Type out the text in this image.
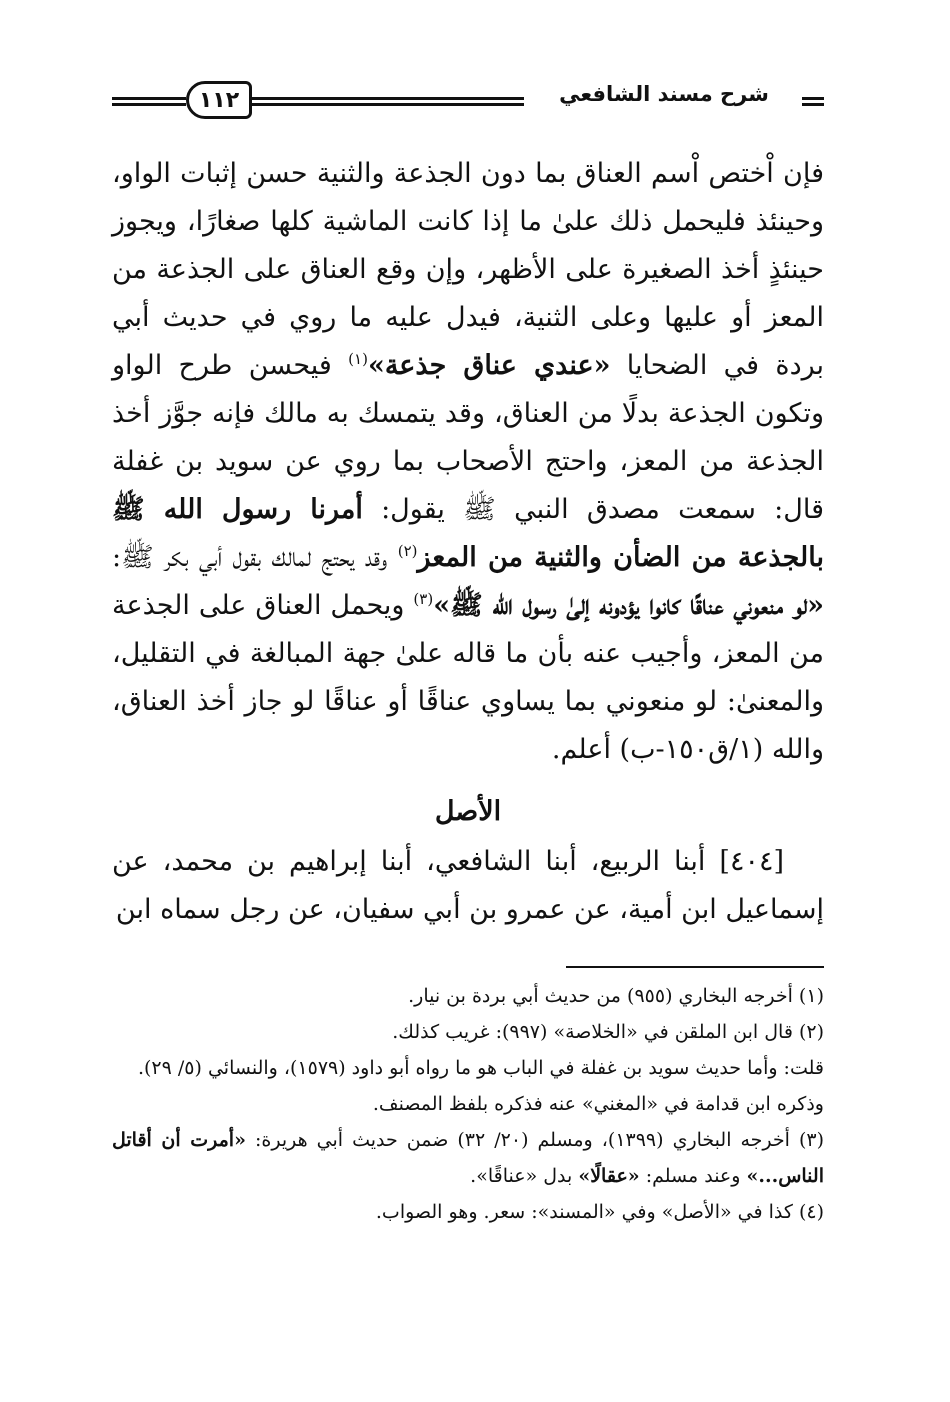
شرح مسند الشافعي
١١٢

فإن اْختص اْسم العناق بما دون الجذعة والثنية حسن إثبات الواو، وحينئذ فليحمل ذلك علىٰ ما إذا كانت الماشية كلها صغارًا، ويجوز حينئذٍ أخذ الصغيرة على الأظهر، وإن وقع العناق على الجذعة من المعز أو عليها وعلى الثنية، فيدل عليه ما روي في حديث أبي بردة في الضحايا «عندي عناق جذعة»$^{(١)}$ فيحسن طرح الواو وتكون الجذعة بدلًا من العناق، وقد يتمسك به مالك فإنه جوَّز أخذ الجذعة من المعز، واحتج الأصحاب بما روي عن سويد بن غفلة قال: سمعت مصدق النبي ﷺ يقول: أمرنا رسول الله ﷺ بالجذعة من الضأن والثنية من المعز$^{(٢)}$ وقد يحتج لمالك بقول أبي بكر ﷺ: «لو منعوني عناقًا كانوا يؤدونه إلىٰ رسول الله ﷺ»$^{(٣)}$ ويحمل العناق على الجذعة من المعز، وأجيب عنه بأن ما قاله علىٰ جهة المبالغة في التقليل، والمعنىٰ: لو منعوني بما يساوي عناقًا أو عناقًا لو جاز أخذ العناق، والله (١/ق١٥٠-ب) أعلم.

الأصل

[٤٠٤] أبنا الربيع، أبنا الشافعي، أبنا إبراهيم بن محمد، عن إسماعيل ابن أمية، عن عمرو بن أبي سفيان، عن رجل سماه ابن

(١) أخرجه البخاري (٩٥٥) من حديث أبي بردة بن نيار.

(٢) قال ابن الملقن في «الخلاصة» (٩٩٧): غريب كذلك.

قلت: وأما حديث سويد بن غفلة في الباب هو ما رواه أبو داود (١٥٧٩)، والنسائي (٥/ ٢٩).

وذكره ابن قدامة في «المغني» عنه فذكره بلفظ المصنف.

(٣) أخرجه البخاري (١٣٩٩)، ومسلم (٢٠/ ٣٢) ضمن حديث أبي هريرة: «أمرت أن أقاتل الناس...» وعند مسلم: «عقالًا» بدل «عناقًا».

(٤) كذا في «الأصل» وفي «المسند»: سعر. وهو الصواب.
